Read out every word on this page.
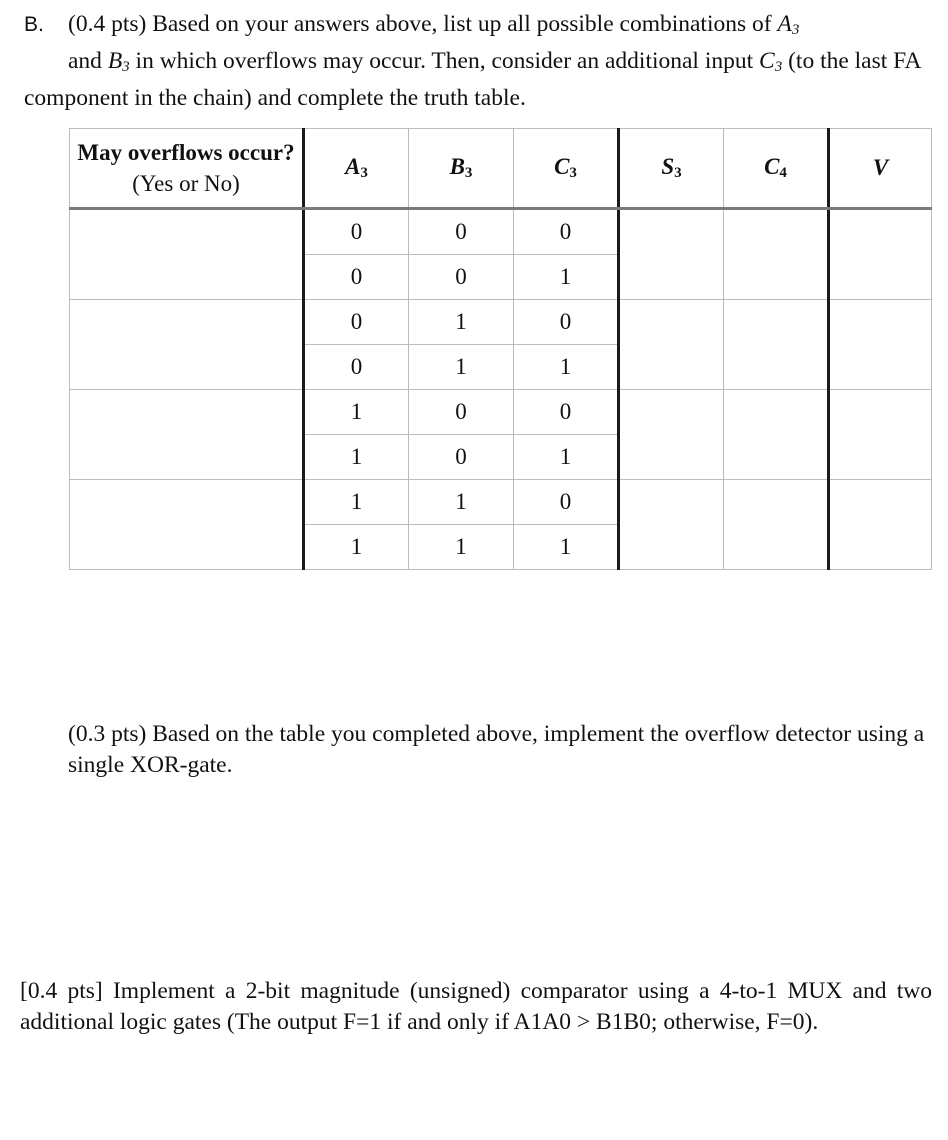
B. (0.4 pts) Based on your answers above, list up all possible combinations of $A_3$
and $B_3$ in which overflows may occur. Then, consider an additional input $C_3$ (to the last FA component in the chain) and complete the truth table.

May overflows occur? (Yes or No)	$A_3$	$B_3$	$C_3$	$S_3$	$C_4$	V
	0	0	0			
	0	0	1			
	0	1	0			
	0	1	1			
	1	0	0			
	1	0	1			
	1	1	0			
	1	1	1			

(0.3 pts) Based on the table you completed above, implement the overflow detector using a single XOR-gate.

[0.4 pts] Implement a 2-bit magnitude (unsigned) comparator using a 4-to-1 MUX and two additional logic gates (The output F=1 if and only if A1A0 > B1B0; otherwise, F=0).
